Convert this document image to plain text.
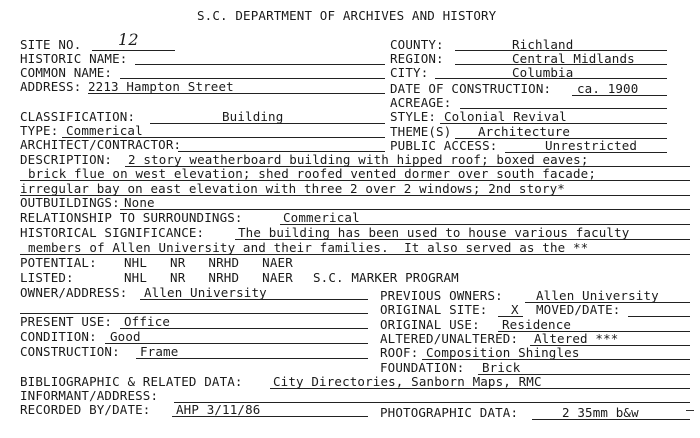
S.C. DEPARTMENT OF ARCHIVES AND HISTORY
SITE NO. 12
HISTORIC NAME:
COMMON NAME:
ADDRESS: 2213 Hampton Street
COUNTY:	Richland
REGION:	Central Midlands
CITY:	Columbia
DATE OF CONSTRUCTION: ca. 1900
ACREAGE:
CLASSIFICATION:	Building
TYPE: Commerical
ARCHITECT/CONTRACTOR:
STYLE: Colonial Revival
THEME(S) Architecture
PUBLIC ACCESS:	Unrestricted
DESCRIPTION: 2 story weatherboard building with hipped roof; boxed eaves;
brick flue on west elevation; shed roofed vented dormer over south facade;
irregular bay on east elevation with three 2 over 2 windows; 2nd story*
OUTBUILDINGS: None
RELATIONSHIP TO SURROUNDINGS:	Commerical
HISTORICAL SIGNIFICANCE:	The building has been used to house various faculty
members of Allen University and their families.  It also served as the **
POTENTIAL: NHL   NR   NRHD   NAER
LISTED:	NHL   NR   NRHD   NAER S.C. MARKER PROGRAM
OWNER/ADDRESS: Allen University	PREVIOUS OWNERS:	Allen University
ORIGINAL SITE: X MOVED/DATE:
PRESENT USE: Office	ORIGINAL USE: Residence
CONDITION: Good	ALTERED/UNALTERED: Altered ***
CONSTRUCTION: Frame	ROOF: Composition Shingles
FOUNDATION: Brick
BIBLIOGRAPHIC & RELATED DATA: City Directories, Sanborn Maps, RMC
INFORMANT/ADDRESS:
RECORDED BY/DATE: AHP 3/11/86	PHOTOGRAPHIC DATA:	2 35mm b&w
